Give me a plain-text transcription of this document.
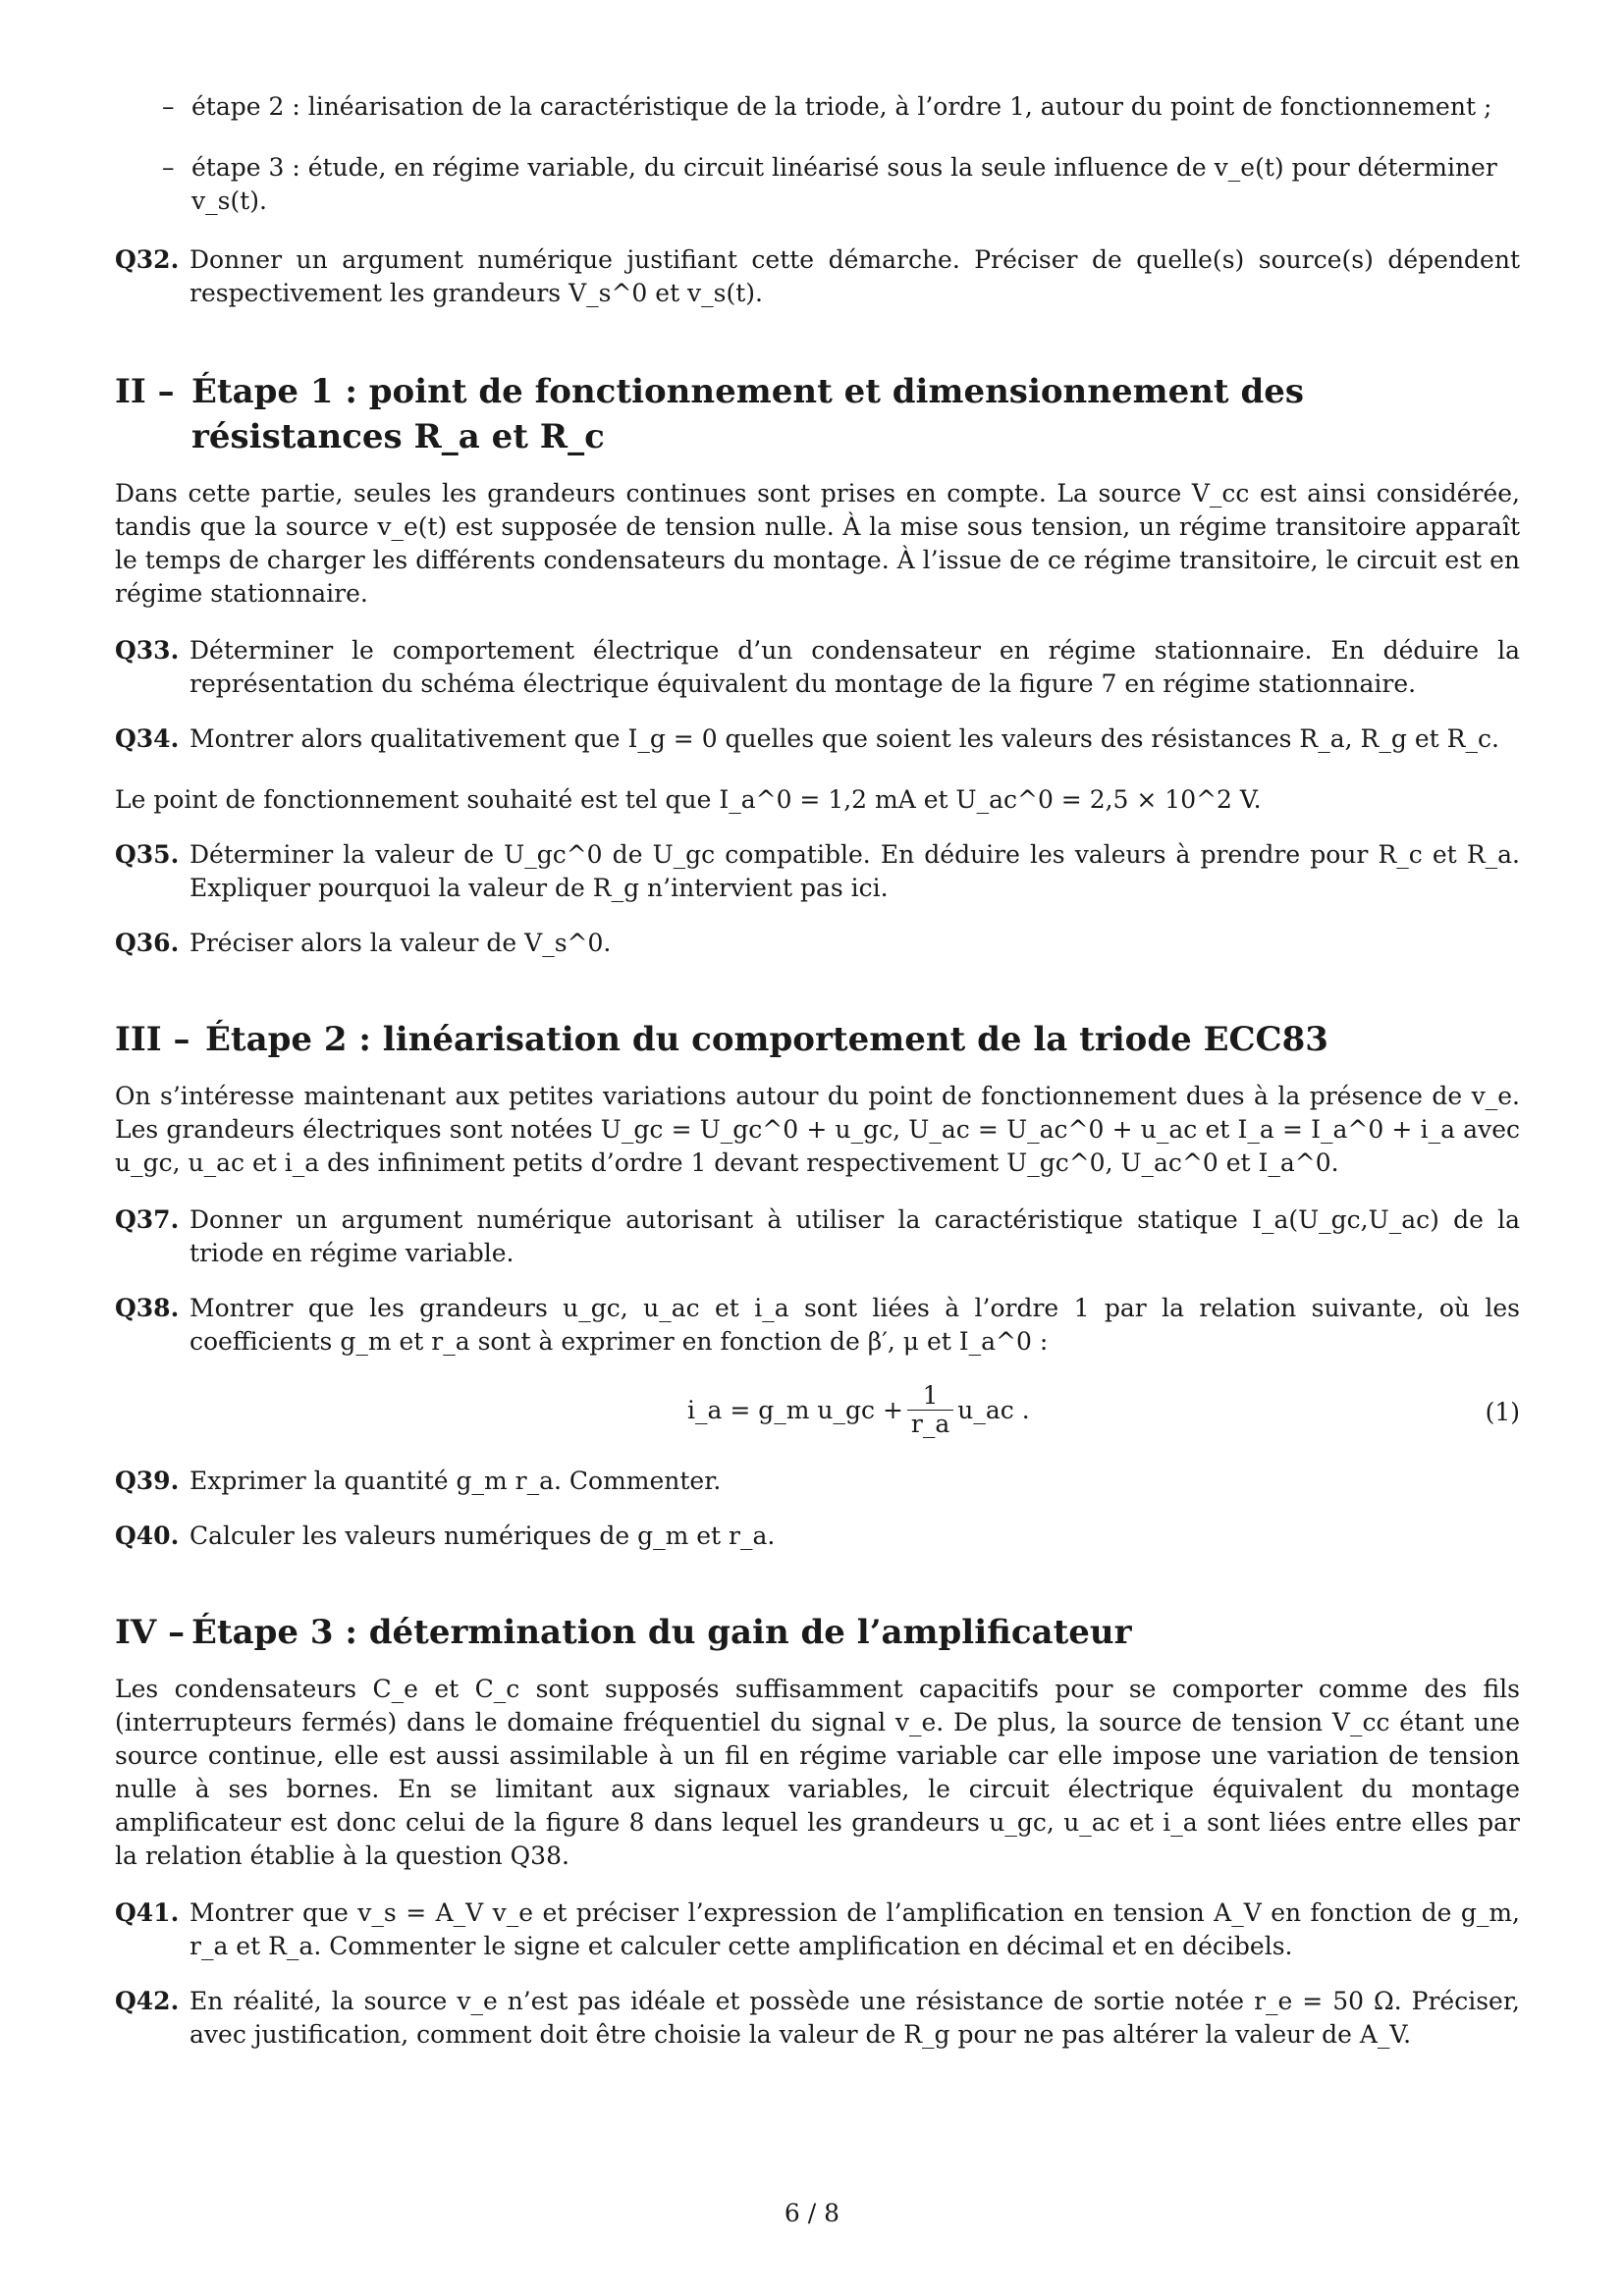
– étape 2 : linéarisation de la caractéristique de la triode, à l’ordre 1, autour du point de fonctionnement ;
– étape 3 : étude, en régime variable, du circuit linéarisé sous la seule influence de v_e(t) pour déterminer v_s(t).

Q32. Donner un argument numérique justifiant cette démarche. Préciser de quelle(s) source(s) dépendent respectivement les grandeurs V_s^0 et v_s(t).

II – Étape 1 : point de fonctionnement et dimensionnement des résistances R_a et R_c

Dans cette partie, seules les grandeurs continues sont prises en compte. La source V_cc est ainsi considérée, tandis que la source v_e(t) est supposée de tension nulle. À la mise sous tension, un régime transitoire apparaît le temps de charger les différents condensateurs du montage. À l’issue de ce régime transitoire, le circuit est en régime stationnaire.

Q33. Déterminer le comportement électrique d’un condensateur en régime stationnaire. En déduire la représentation du schéma électrique équivalent du montage de la figure 7 en régime stationnaire.

Q34. Montrer alors qualitativement que I_g = 0 quelles que soient les valeurs des résistances R_a, R_g et R_c.

Le point de fonctionnement souhaité est tel que I_a^0 = 1,2 mA et U_ac^0 = 2,5 × 10^2 V.

Q35. Déterminer la valeur de U_gc^0 de U_gc compatible. En déduire les valeurs à prendre pour R_c et R_a. Expliquer pourquoi la valeur de R_g n’intervient pas ici.

Q36. Préciser alors la valeur de V_s^0.

III – Étape 2 : linéarisation du comportement de la triode ECC83

On s’intéresse maintenant aux petites variations autour du point de fonctionnement dues à la présence de v_e. Les grandeurs électriques sont notées U_gc = U_gc^0 + u_gc, U_ac = U_ac^0 + u_ac et I_a = I_a^0 + i_a avec u_gc, u_ac et i_a des infiniment petits d’ordre 1 devant respectivement U_gc^0, U_ac^0 et I_a^0.

Q37. Donner un argument numérique autorisant à utiliser la caractéristique statique I_a(U_gc,U_ac) de la triode en régime variable.

Q38. Montrer que les grandeurs u_gc, u_ac et i_a sont liées à l’ordre 1 par la relation suivante, où les coefficients g_m et r_a sont à exprimer en fonction de β′, μ et I_a^0 :

i_a = g_m u_gc + $\frac{1}{r\_a}$ u_ac .	(1)

Q39. Exprimer la quantité g_m r_a. Commenter.

Q40. Calculer les valeurs numériques de g_m et r_a.

IV – Étape 3 : détermination du gain de l’amplificateur

Les condensateurs C_e et C_c sont supposés suffisamment capacitifs pour se comporter comme des fils (interrupteurs fermés) dans le domaine fréquentiel du signal v_e. De plus, la source de tension V_cc étant une source continue, elle est aussi assimilable à un fil en régime variable car elle impose une variation de tension nulle à ses bornes. En se limitant aux signaux variables, le circuit électrique équivalent du montage amplificateur est donc celui de la figure 8 dans lequel les grandeurs u_gc, u_ac et i_a sont liées entre elles par la relation établie à la question Q38.

Q41. Montrer que v_s = A_V v_e et préciser l’expression de l’amplification en tension A_V en fonction de g_m, r_a et R_a. Commenter le signe et calculer cette amplification en décimal et en décibels.

Q42. En réalité, la source v_e n’est pas idéale et possède une résistance de sortie notée r_e = 50 Ω. Préciser, avec justification, comment doit être choisie la valeur de R_g pour ne pas altérer la valeur de A_V.

6 / 8
